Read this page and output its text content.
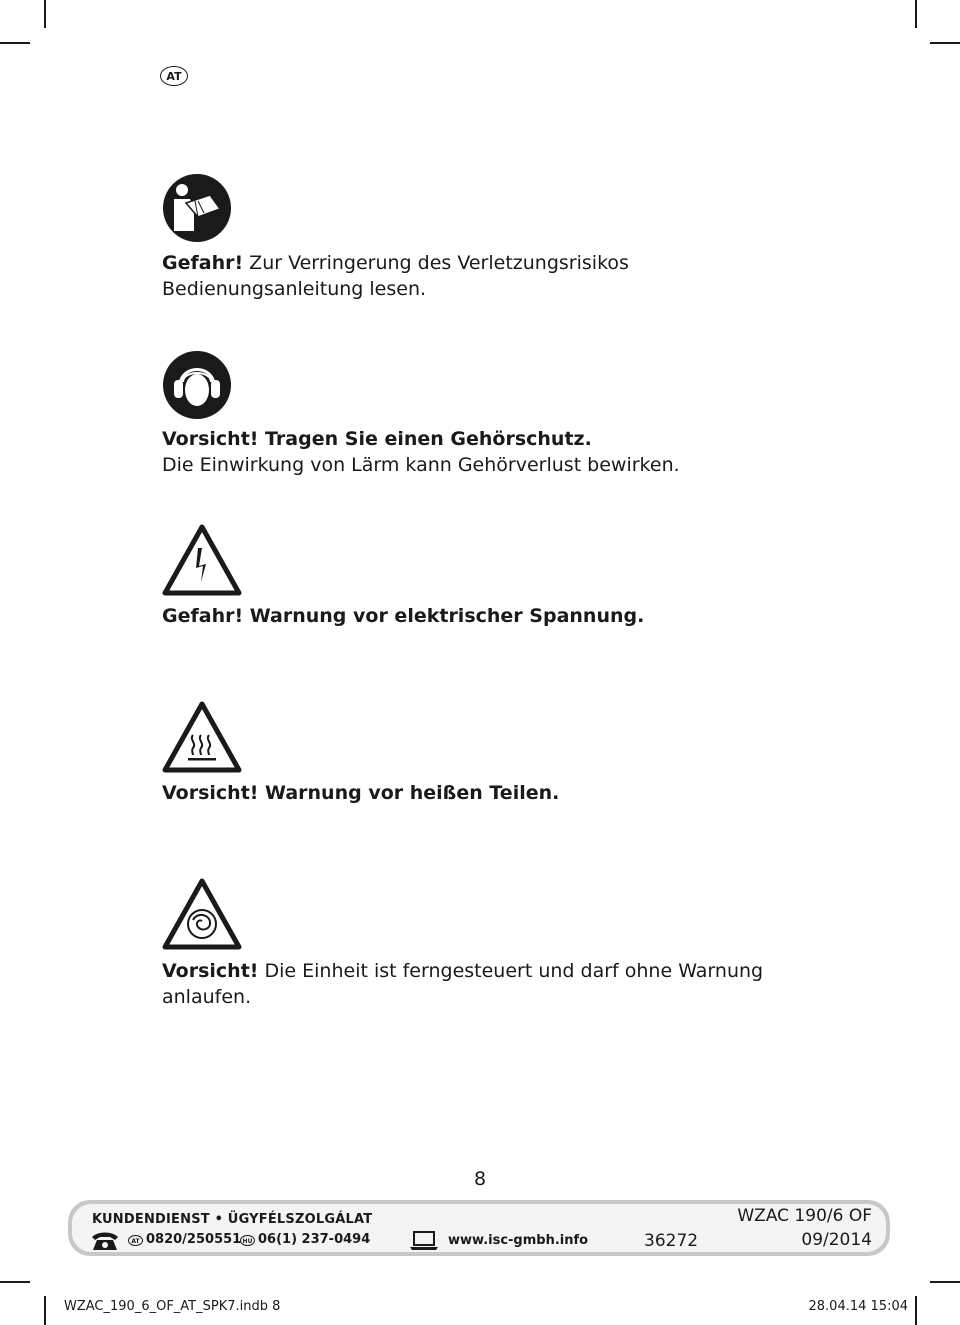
AT
Gefahr! Zur Verringerung des Verletzungsrisikos Bedienungsanleitung lesen.
Vorsicht! Tragen Sie einen Gehörschutz.
Die Einwirkung von Lärm kann Gehörverlust bewirken.
Gefahr! Warnung vor elektrischer Spannung.
Vorsicht! Warnung vor heißen Teilen.
Vorsicht! Die Einheit ist ferngesteuert und darf ohne Warnung anlaufen.
8
KUNDENDIENST • ÜGYFÉLSZOLGÁLAT
AT 0820/250551 HU 06(1) 237-0494	www.isc-gmbh.info	36272
WZAC 190/6 OF
09/2014
WZAC_190_6_OF_AT_SPK7.indb 8	28.04.14 15:04
